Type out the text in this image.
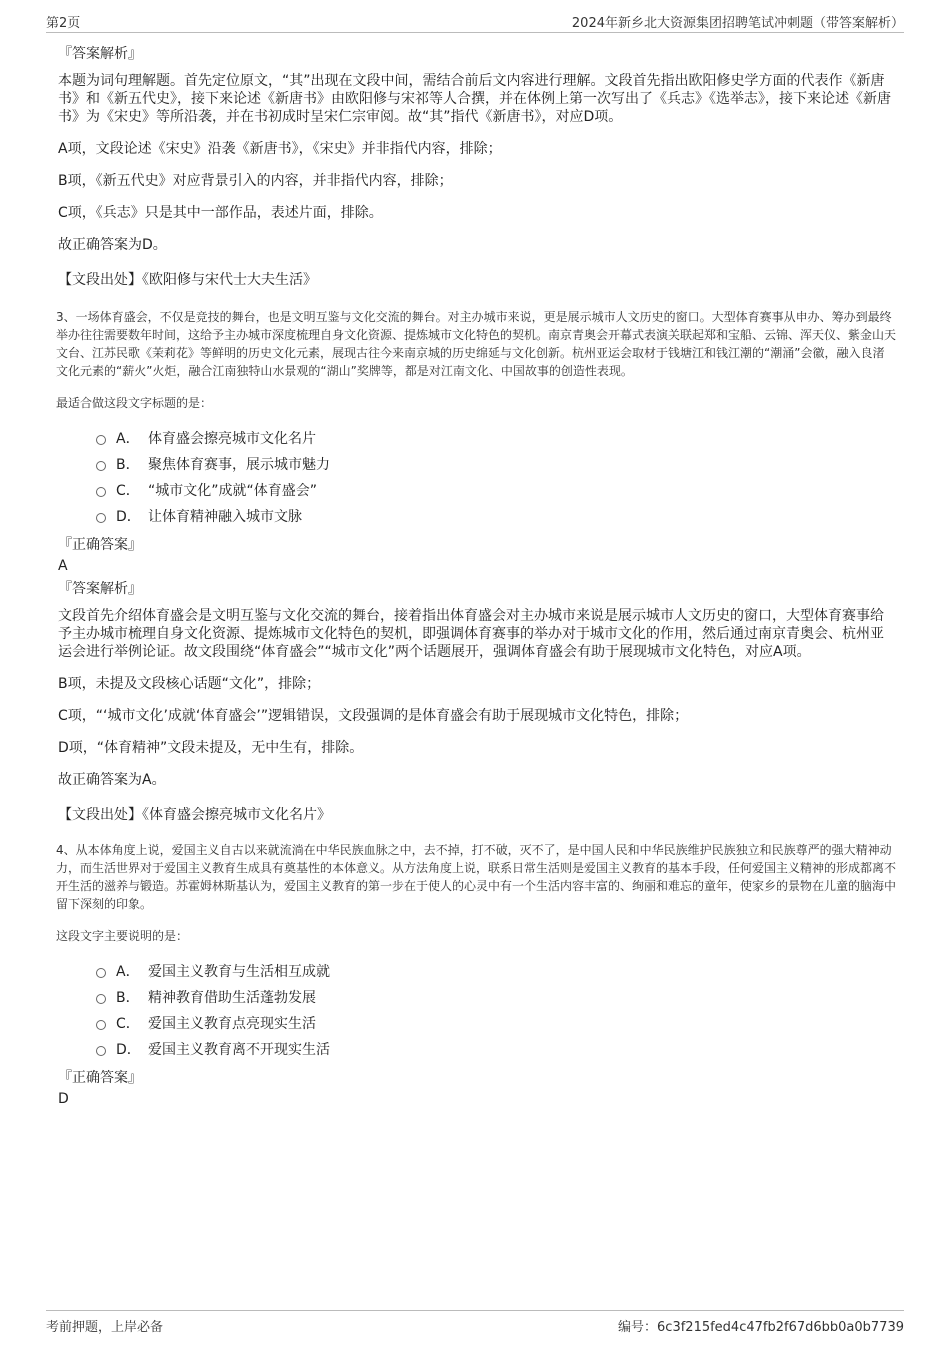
第2页	2024年新乡北大资源集团招聘笔试冲刺题（带答案解析）
『答案解析』
本题为词句理解题。首先定位原文，“其”出现在文段中间，需结合前后文内容进行理解。文段首先指出欧阳修史学方面的代表作《新唐书》和《新五代史》，接下来论述《新唐书》由欧阳修与宋祁等人合撰，并在体例上第一次写出了《兵志》《选举志》，接下来论述《新唐书》为《宋史》等所沿袭，并在书初成时呈宋仁宗审阅。故“其”指代《新唐书》，对应D项。
A项，文段论述《宋史》沿袭《新唐书》，《宋史》并非指代内容，排除；
B项，《新五代史》对应背景引入的内容，并非指代内容，排除；
C项，《兵志》只是其中一部作品，表述片面，排除。
故正确答案为D。
【文段出处】《欧阳修与宋代士大夫生活》

3、一场体育盛会，不仅是竞技的舞台，也是文明互鉴与文化交流的舞台。对主办城市来说，更是展示城市人文历史的窗口。大型体育赛事从申办、筹办到最终举办往往需要数年时间，这给予主办城市深度梳理自身文化资源、提炼城市文化特色的契机。南京青奥会开幕式表演关联起郑和宝船、云锦、浑天仪、紫金山天文台、江苏民歌《茉莉花》等鲜明的历史文化元素，展现古往今来南京城的历史绵延与文化创新。杭州亚运会取材于钱塘江和钱江潮的“潮涌”会徽，融入良渚文化元素的“薪火”火炬，融合江南独特山水景观的“湖山”奖牌等，都是对江南文化、中国故事的创造性表现。

最适合做这段文字标题的是：

A． 体育盛会擦亮城市文化名片
B． 聚焦体育赛事，展示城市魅力
C． “城市文化”成就“体育盛会”
D． 让体育精神融入城市文脉
『正确答案』
A
『答案解析』
文段首先介绍体育盛会是文明互鉴与文化交流的舞台，接着指出体育盛会对主办城市来说是展示城市人文历史的窗口，大型体育赛事给予主办城市梳理自身文化资源、提炼城市文化特色的契机，即强调体育赛事的举办对于城市文化的作用，然后通过南京青奥会、杭州亚运会进行举例论证。故文段围绕“体育盛会”“城市文化”两个话题展开，强调体育盛会有助于展现城市文化特色，对应A项。
B项，未提及文段核心话题“文化”，排除；
C项，“‘城市文化’成就‘体育盛会’”逻辑错误，文段强调的是体育盛会有助于展现城市文化特色，排除；
D项，“体育精神”文段未提及，无中生有，排除。
故正确答案为A。
【文段出处】《体育盛会擦亮城市文化名片》

4、从本体角度上说，爱国主义自古以来就流淌在中华民族血脉之中，去不掉，打不破，灭不了，是中国人民和中华民族维护民族独立和民族尊严的强大精神动力，而生活世界对于爱国主义教育生成具有奠基性的本体意义。从方法角度上说，联系日常生活则是爱国主义教育的基本手段，任何爱国主义精神的形成都离不开生活的滋养与锻造。苏霍姆林斯基认为，爱国主义教育的第一步在于使人的心灵中有一个生活内容丰富的、绚丽和难忘的童年，使家乡的景物在儿童的脑海中留下深刻的印象。

这段文字主要说明的是：

A． 爱国主义教育与生活相互成就
B． 精神教育借助生活蓬勃发展
C． 爱国主义教育点亮现实生活
D． 爱国主义教育离不开现实生活
『正确答案』
D
考前押题，上岸必备	编号：6c3f215fed4c47fb2f67d6bb0a0b7739
